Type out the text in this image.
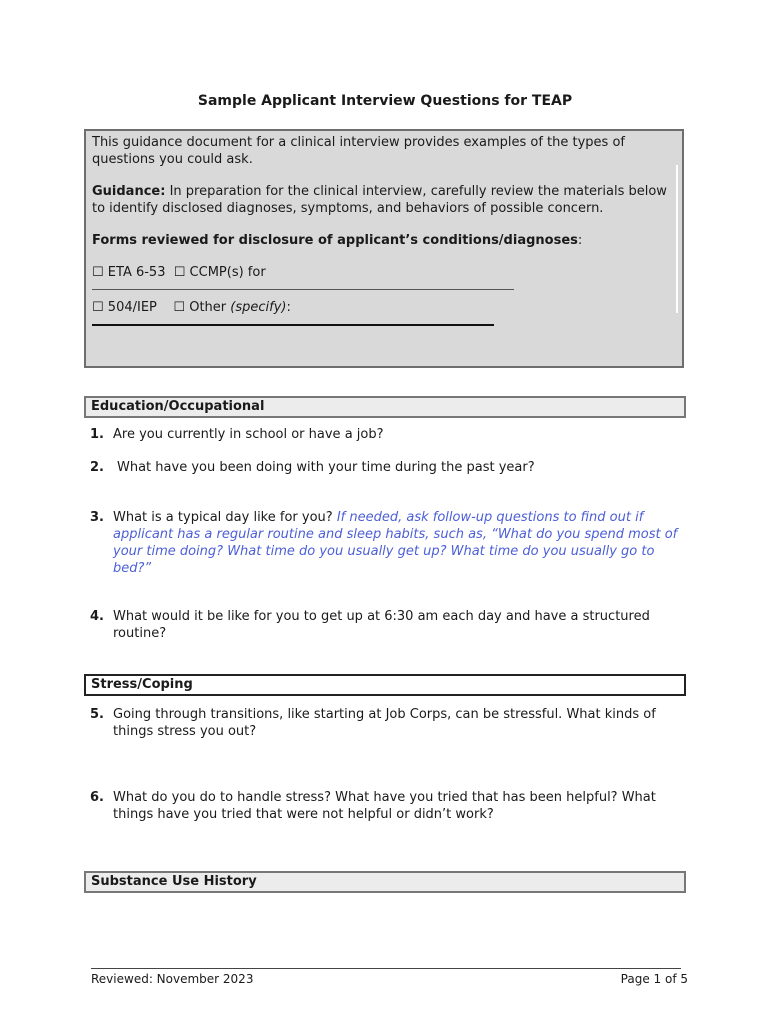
Sample Applicant Interview Questions for TEAP

This guidance document for a clinical interview provides examples of the types of questions you could ask.

Guidance: In preparation for the clinical interview, carefully review the materials below to identify disclosed diagnoses, symptoms, and behaviors of possible concern.

Forms reviewed for disclosure of applicant’s conditions/diagnoses:

☐ ETA 6-53 ☐ CCMP(s) for

☐ 504/IEP ☐ Other (specify):

Education/Occupational
1. Are you currently in school or have a job?
2. What have you been doing with your time during the past year?
3. What is a typical day like for you? If needed, ask follow-up questions to find out if applicant has a regular routine and sleep habits, such as, “What do you spend most of your time doing? What time do you usually get up? What time do you usually go to bed?”
4. What would it be like for you to get up at 6:30 am each day and have a structured routine?
Stress/Coping
5. Going through transitions, like starting at Job Corps, can be stressful. What kinds of things stress you out?
6. What do you do to handle stress? What have you tried that has been helpful? What things have you tried that were not helpful or didn’t work?
Substance Use History
Reviewed: November 2023	Page 1 of 5
